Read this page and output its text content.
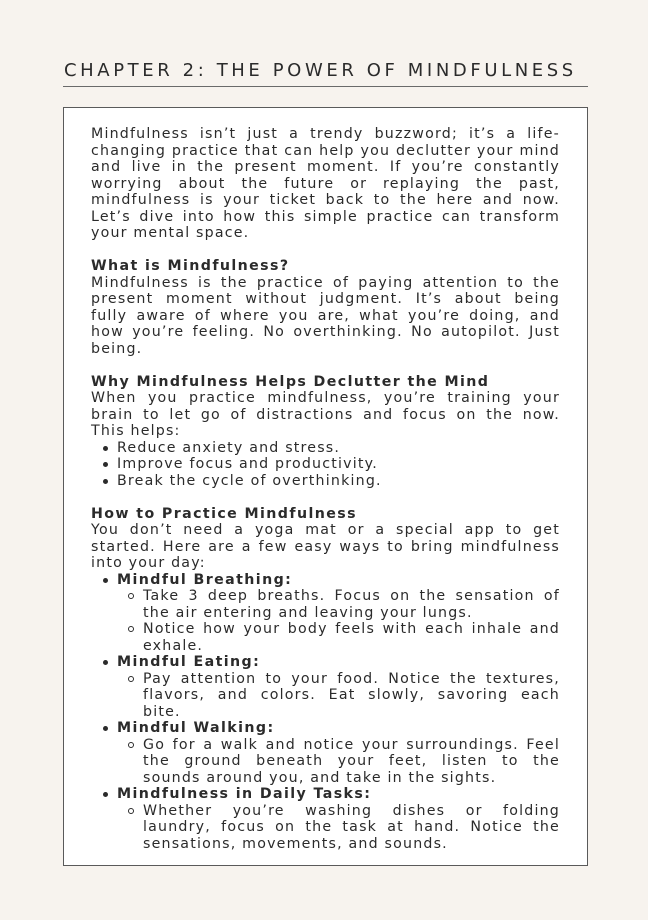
CHAPTER 2: THE POWER OF MINDFULNESS

Mindfulness isn’t just a trendy buzzword; it’s a life-changing practice that can help you declutter your mind and live in the present moment. If you’re constantly worrying about the future or replaying the past, mindfulness is your ticket back to the here and now. Let’s dive into how this simple practice can transform your mental space.

What is Mindfulness?

Mindfulness is the practice of paying attention to the present moment without judgment. It’s about being fully aware of where you are, what you’re doing, and how you’re feeling. No overthinking. No autopilot. Just being.

Why Mindfulness Helps Declutter the Mind

When you practice mindfulness, you’re training your brain to let go of distractions and focus on the now. This helps:

Reduce anxiety and stress.
Improve focus and productivity.
Break the cycle of overthinking.

How to Practice Mindfulness

You don’t need a yoga mat or a special app to get started. Here are a few easy ways to bring mindfulness into your day:

Mindful Breathing:
Take 3 deep breaths. Focus on the sensation of the air entering and leaving your lungs.
Notice how your body feels with each inhale and exhale.
Mindful Eating:
Pay attention to your food. Notice the textures, flavors, and colors. Eat slowly, savoring each bite.
Mindful Walking:
Go for a walk and notice your surroundings. Feel the ground beneath your feet, listen to the sounds around you, and take in the sights.
Mindfulness in Daily Tasks:
Whether you’re washing dishes or folding laundry, focus on the task at hand. Notice the sensations, movements, and sounds.
